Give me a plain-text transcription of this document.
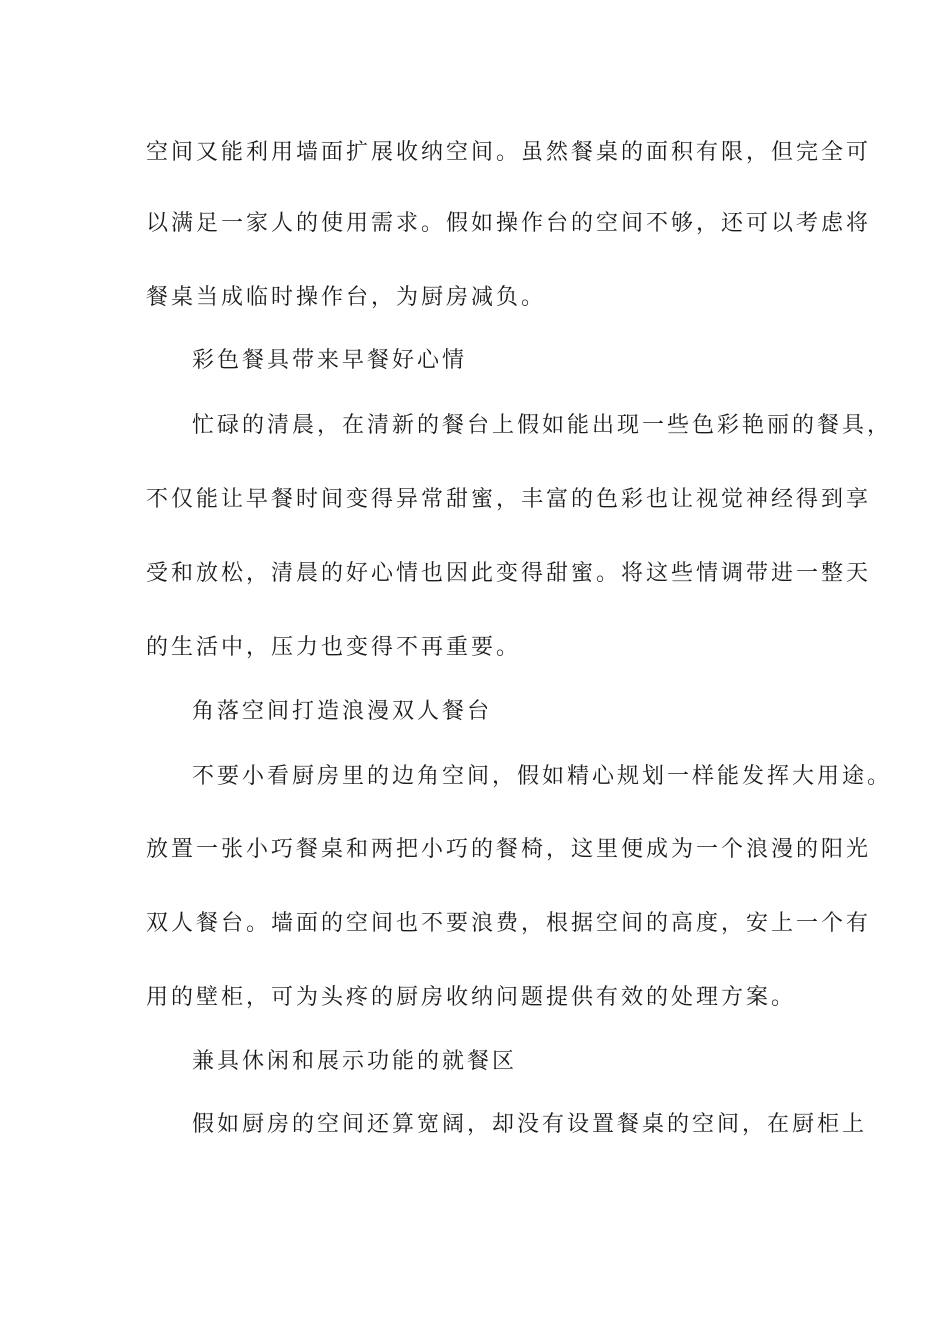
空间又能利用墙面扩展收纳空间。虽然餐桌的面积有限，但完全可

以满足一家人的使用需求。假如操作台的空间不够，还可以考虑将

餐桌当成临时操作台，为厨房减负。

彩色餐具带来早餐好心情

忙碌的清晨，在清新的餐台上假如能出现一些色彩艳丽的餐具，

不仅能让早餐时间变得异常甜蜜，丰富的色彩也让视觉神经得到享

受和放松，清晨的好心情也因此变得甜蜜。将这些情调带进一整天

的生活中，压力也变得不再重要。

角落空间打造浪漫双人餐台

不要小看厨房里的边角空间，假如精心规划一样能发挥大用途。

放置一张小巧餐桌和两把小巧的餐椅，这里便成为一个浪漫的阳光

双人餐台。墙面的空间也不要浪费，根据空间的高度，安上一个有

用的壁柜，可为头疼的厨房收纳问题提供有效的处理方案。

兼具休闲和展示功能的就餐区

假如厨房的空间还算宽阔，却没有设置餐桌的空间，在厨柜上
